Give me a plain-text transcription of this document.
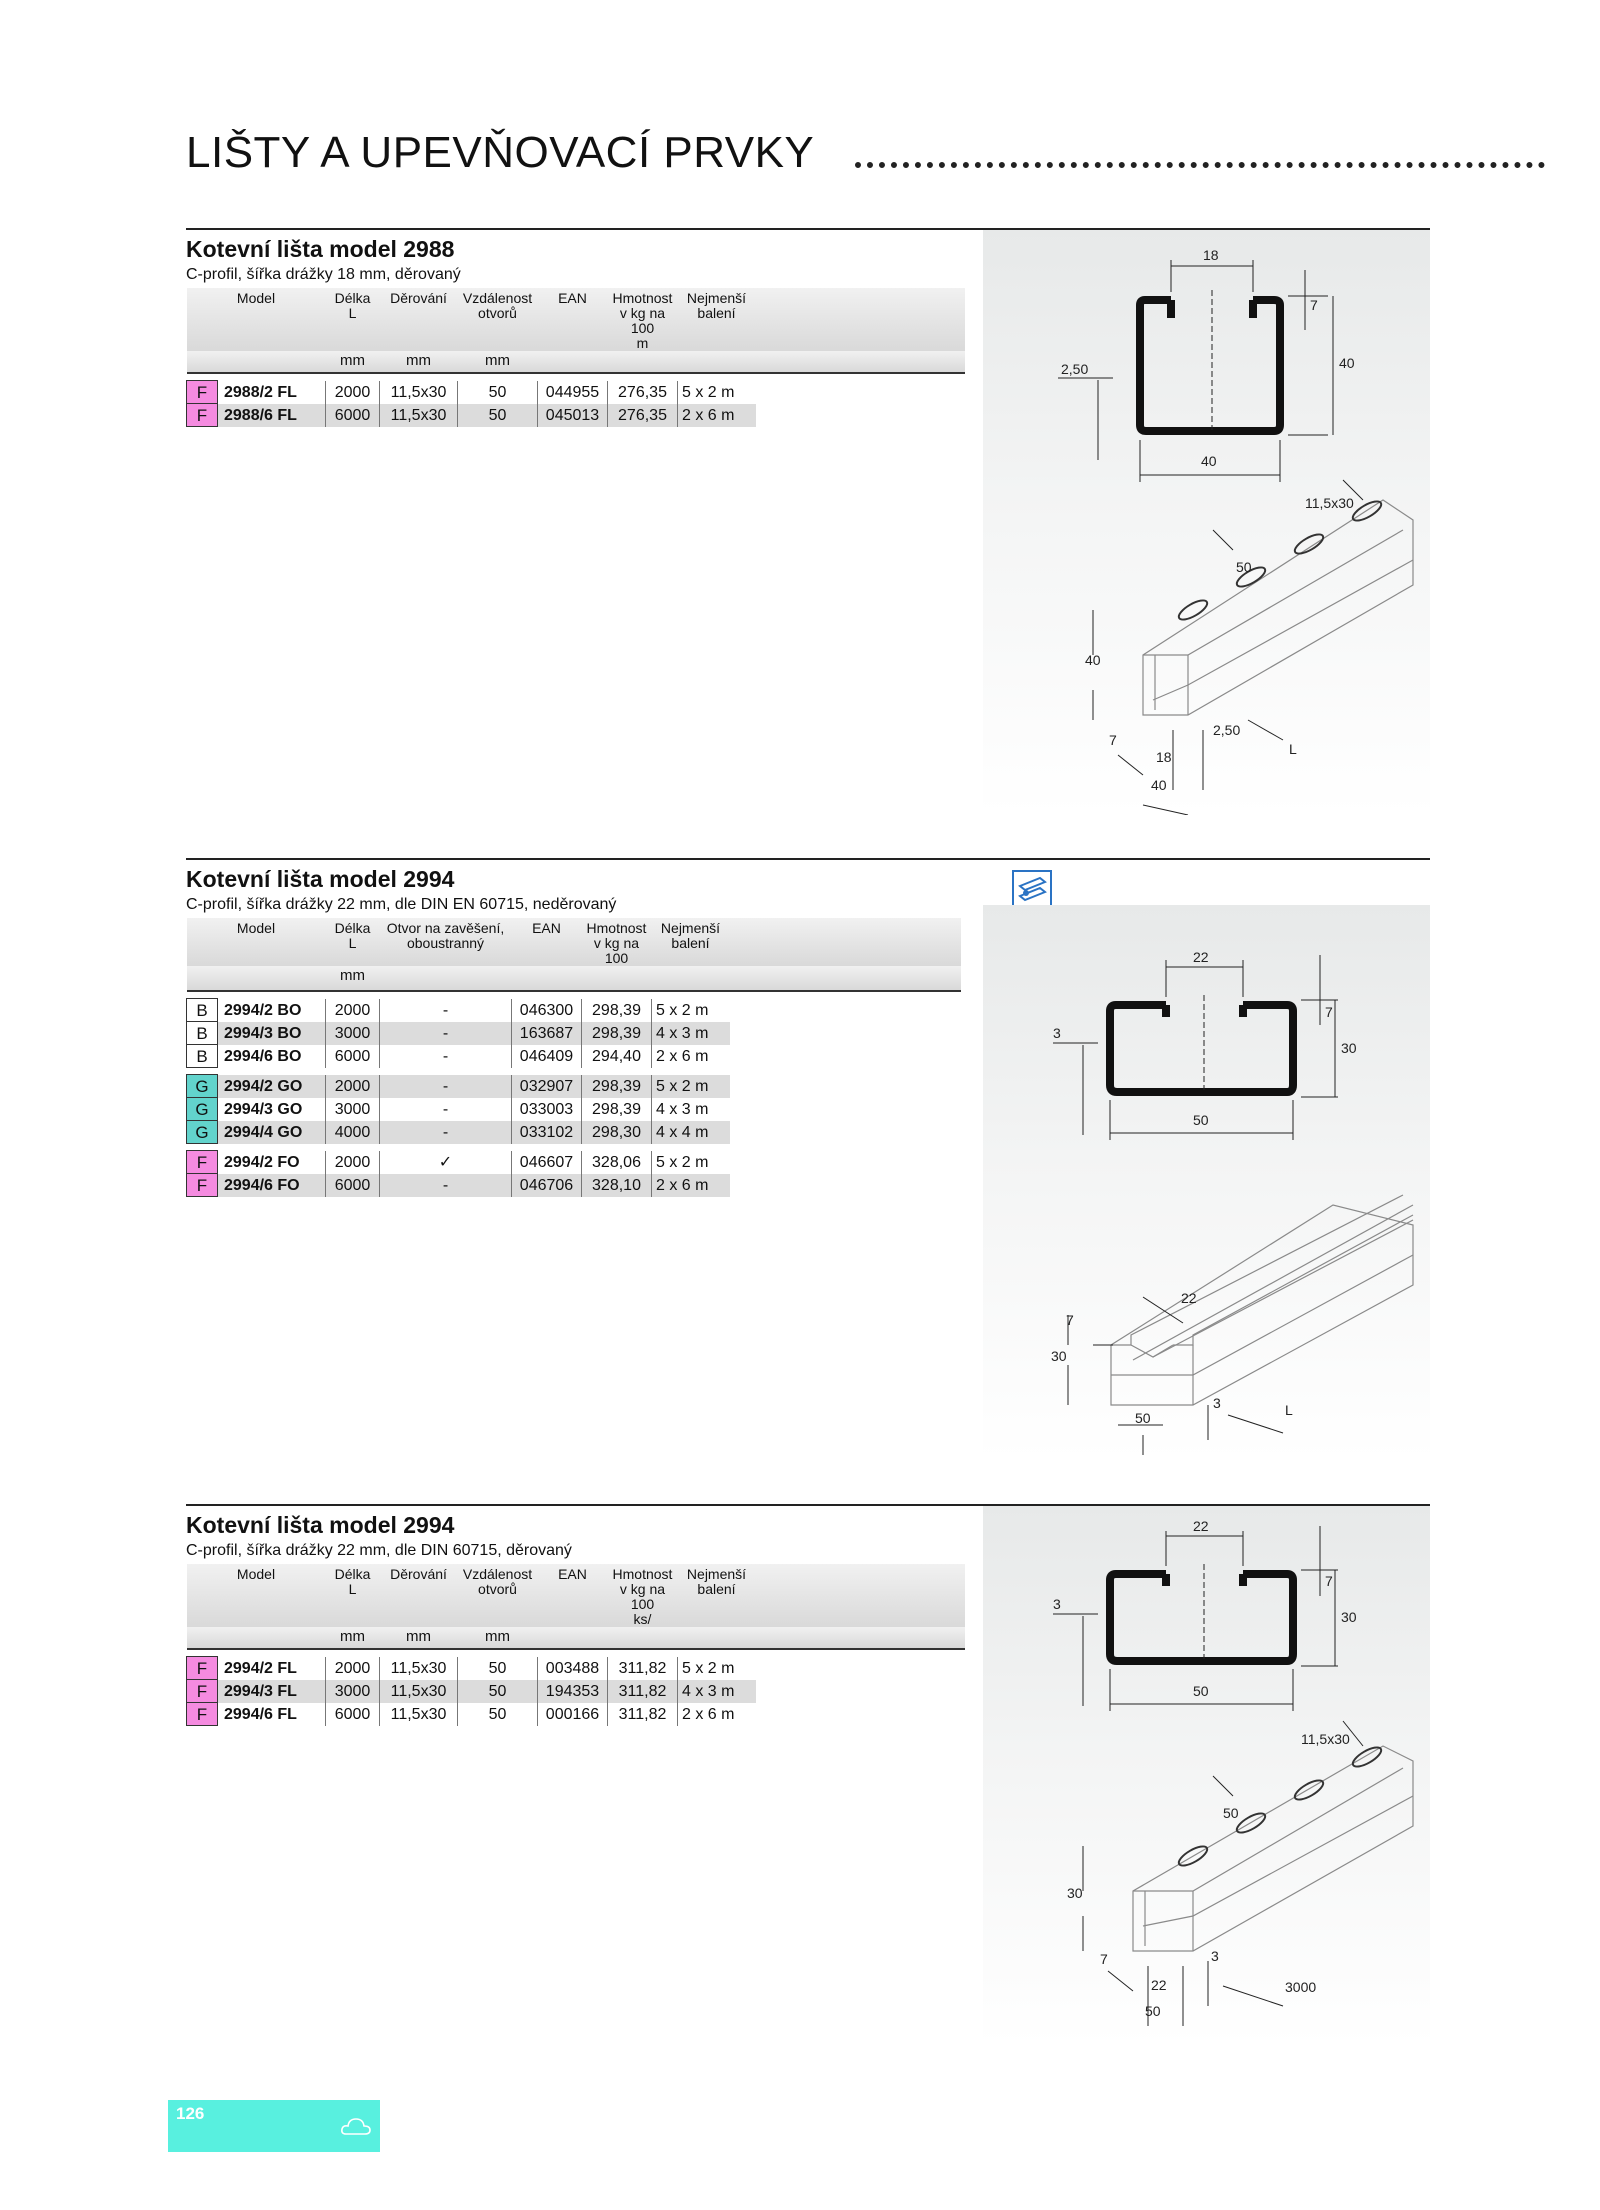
LIŠTY A UPEVŇOVACÍ PRVKY
Kotevní lišta model 2988
C-profil, šířka drážky 18 mm, děrovaný
Model		Délka
L	Děrování	Vzdálenost
otvorů	EAN	Hmotnost
v kg na
100
m	Nejmenší
balení	
		mm	mm	mm				

F	2988/2 FL	2000	11,5x30	50	044955	276,35	5 x 2 m	
F	2988/6 FL	6000	11,5x30	50	045013	276,35	2 x 6 m	
18
7
40
2,50
40
11,5x30
50
40
7
18
40
2,50
L
Kotevní lišta model 2994
C-profil, šířka drážky 22 mm, dle DIN EN 60715, neděrovaný
Model		Délka
L	Otvor na zavěšení,
oboustranný	EAN	Hmotnost
v kg na
100	Nejmenší
balení	
		mm					

B	2994/2 BO	2000	-	046300	298,39	5 x 2 m	
B	2994/3 BO	3000	-	163687	298,39	4 x 3 m	
B	2994/6 BO	6000	-	046409	294,40	2 x 6 m	

G	2994/2 GO	2000	-	032907	298,39	5 x 2 m	
G	2994/3 GO	3000	-	033003	298,39	4 x 3 m	
G	2994/4 GO	4000	-	033102	298,30	4 x 4 m	

F	2994/2 FO	2000	✓	046607	328,06	5 x 2 m	
F	2994/6 FO	6000	-	046706	328,10	2 x 6 m	
22
7
30
3
50
22
7
30
50
3	L
Kotevní lišta model 2994
C-profil, šířka drážky 22 mm, dle DIN 60715, děrovaný
Model		Délka
L	Děrování	Vzdálenost
otvorů	EAN	Hmotnost
v kg na
100
ks/	Nejmenší
balení	
		mm	mm	mm				

F	2994/2 FL	2000	11,5x30	50	003488	311,82	5 x 2 m	
F	2994/3 FL	3000	11,5x30	50	194353	311,82	4 x 3 m	
F	2994/6 FL	6000	11,5x30	50	000166	311,82	2 x 6 m	
22
7
30
3
50
11,5x30
50
30
7
22
50
3
3000
126
